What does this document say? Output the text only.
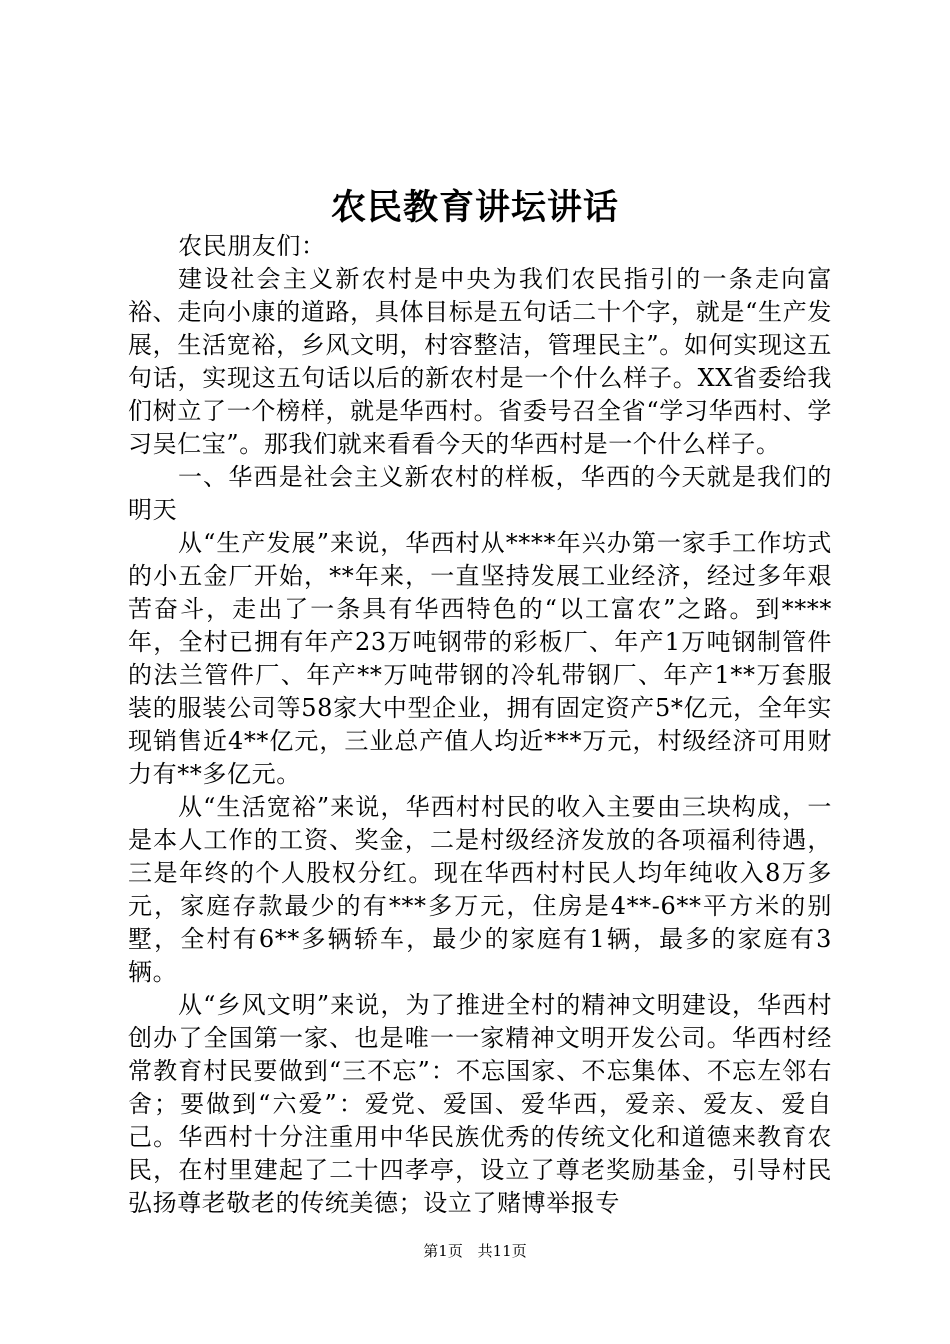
农民教育讲坛讲话

农民朋友们：

建设社会主义新农村是中央为我们农民指引的一条走向富裕、走向小康的道路，具体目标是五句话二十个字，就是“生产发展，生活宽裕，乡风文明，村容整洁，管理民主”。如何实现这五句话，实现这五句话以后的新农村是一个什么样子。XX省委给我们树立了一个榜样，就是华西村。省委号召全省“学习华西村、学习吴仁宝”。那我们就来看看今天的华西村是一个什么样子。

一、华西是社会主义新农村的样板，华西的今天就是我们的明天

从“生产发展”来说，华西村从****年兴办第一家手工作坊式的小五金厂开始，**年来，一直坚持发展工业经济，经过多年艰苦奋斗，走出了一条具有华西特色的“以工富农”之路。到****年，全村已拥有年产23万吨钢带的彩板厂、年产1万吨钢制管件的法兰管件厂、年产**万吨带钢的冷轧带钢厂、年产1**万套服装的服装公司等58家大中型企业，拥有固定资产5*亿元，全年实现销售近4**亿元，三业总产值人均近***万元，村级经济可用财力有**多亿元。

从“生活宽裕”来说，华西村村民的收入主要由三块构成，一是本人工作的工资、奖金，二是村级经济发放的各项福利待遇，三是年终的个人股权分红。现在华西村村民人均年纯收入8万多元，家庭存款最少的有***多万元，住房是4**-6**平方米的别墅，全村有6**多辆轿车，最少的家庭有1辆，最多的家庭有3辆。

从“乡风文明”来说，为了推进全村的精神文明建设，华西村创办了全国第一家、也是唯一一家精神文明开发公司。华西村经常教育村民要做到“三不忘”：不忘国家、不忘集体、不忘左邻右舍；要做到“六爱”：爱党、爱国、爱华西，爱亲、爱友、爱自己。华西村十分注重用中华民族优秀的传统文化和道德来教育农民，在村里建起了二十四孝亭，设立了尊老奖励基金，引导村民弘扬尊老敬老的传统美德；设立了赌博举报专

第1页 共11页
